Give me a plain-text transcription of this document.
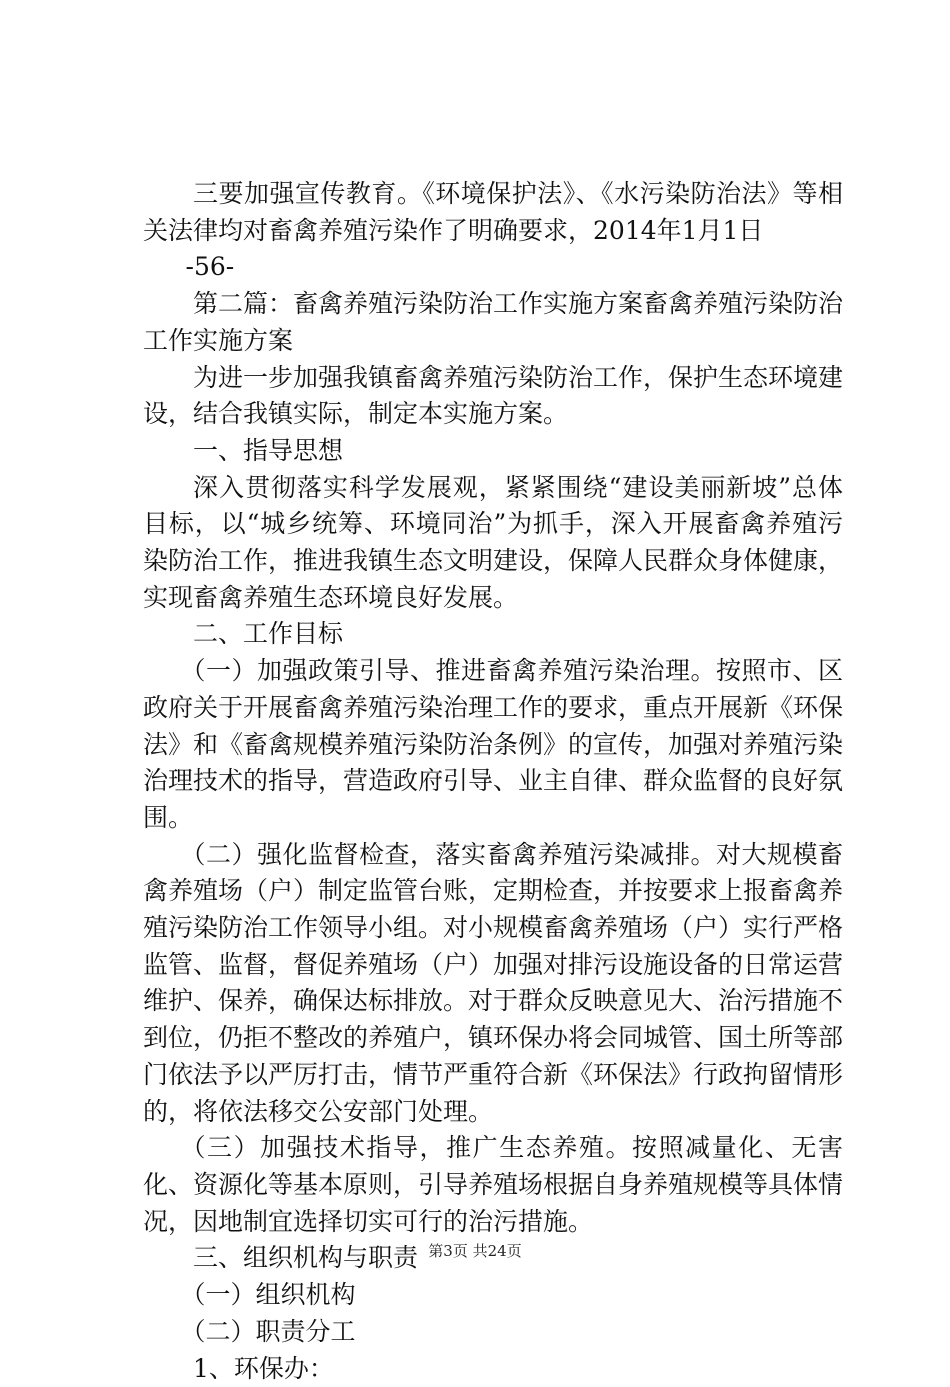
三要加强宣传教育。《环境保护法》、《水污染防治法》等相关法律均对畜禽养殖污染作了明确要求，2014年1月1日

-56-

第二篇：畜禽养殖污染防治工作实施方案畜禽养殖污染防治工作实施方案

为进一步加强我镇畜禽养殖污染防治工作，保护生态环境建设，结合我镇实际，制定本实施方案。

一、指导思想

深入贯彻落实科学发展观，紧紧围绕“建设美丽新坡”总体目标，以“城乡统筹、环境同治”为抓手，深入开展畜禽养殖污染防治工作，推进我镇生态文明建设，保障人民群众身体健康，实现畜禽养殖生态环境良好发展。

二、工作目标

（一）加强政策引导、推进畜禽养殖污染治理。按照市、区政府关于开展畜禽养殖污染治理工作的要求，重点开展新《环保法》和《畜禽规模养殖污染防治条例》的宣传，加强对养殖污染治理技术的指导，营造政府引导、业主自律、群众监督的良好氛围。

（二）强化监督检查，落实畜禽养殖污染减排。对大规模畜禽养殖场（户）制定监管台账，定期检查，并按要求上报畜禽养殖污染防治工作领导小组。对小规模畜禽养殖场（户）实行严格监管、监督，督促养殖场（户）加强对排污设施设备的日常运营维护、保养，确保达标排放。对于群众反映意见大、治污措施不到位，仍拒不整改的养殖户，镇环保办将会同城管、国土所等部门依法予以严厉打击，情节严重符合新《环保法》行政拘留情形的，将依法移交公安部门处理。

（三）加强技术指导，推广生态养殖。按照减量化、无害化、资源化等基本原则，引导养殖场根据自身养殖规模等具体情况，因地制宜选择切实可行的治污措施。

三、组织机构与职责

（一）组织机构

（二）职责分工

1、环保办：

第3页 共24页
